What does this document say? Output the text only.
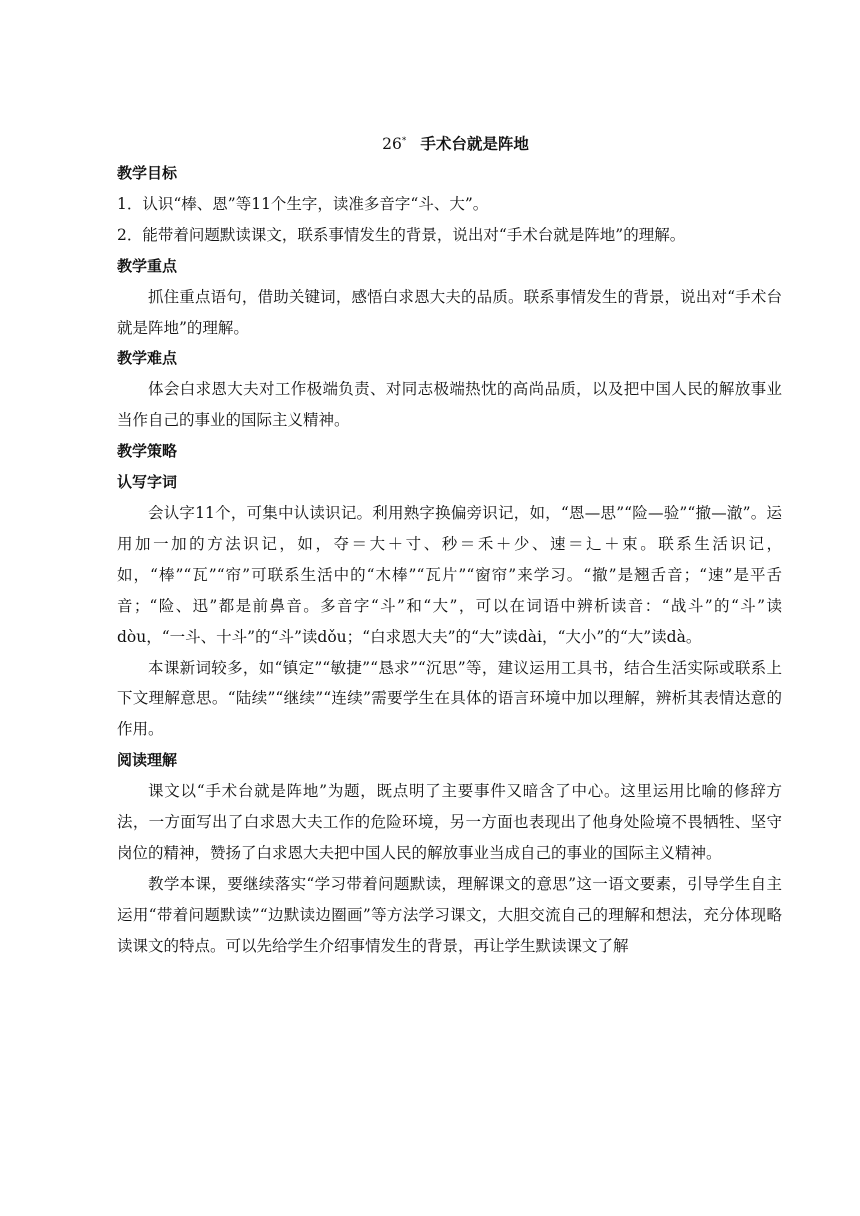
26* 手术台就是阵地
教学目标
1．认识“棒、恩”等11个生字，读准多音字“斗、大”。
2．能带着问题默读课文，联系事情发生的背景，说出对“手术台就是阵地”的理解。
教学重点
抓住重点语句，借助关键词，感悟白求恩大夫的品质。联系事情发生的背景，说出对“手术台就是阵地”的理解。
教学难点
体会白求恩大夫对工作极端负责、对同志极端热忱的高尚品质，以及把中国人民的解放事业当作自己的事业的国际主义精神。
教学策略
认写字词
会认字11个，可集中认读识记。利用熟字换偏旁识记，如，“恩—思”“险—验”“撤—澈”。运用加一加的方法识记，如，夺＝大＋寸、秒＝禾＋少、速＝辶＋束。联系生活识记，如，“棒”“瓦”“帘”可联系生活中的“木棒”“瓦片”“窗帘”来学习。“撤”是翘舌音；“速”是平舌音；“险、迅”都是前鼻音。多音字“斗”和“大”，可以在词语中辨析读音：“战斗”的“斗”读dòu，“一斗、十斗”的“斗”读dǒu；“白求恩大夫”的“大”读dài，“大小”的“大”读dà。
本课新词较多，如“镇定”“敏捷”“恳求”“沉思”等，建议运用工具书，结合生活实际或联系上下文理解意思。“陆续”“继续”“连续”需要学生在具体的语言环境中加以理解，辨析其表情达意的作用。
阅读理解
课文以“手术台就是阵地”为题，既点明了主要事件又暗含了中心。这里运用比喻的修辞方法，一方面写出了白求恩大夫工作的危险环境，另一方面也表现出了他身处险境不畏牺牲、坚守岗位的精神，赞扬了白求恩大夫把中国人民的解放事业当成自己的事业的国际主义精神。
教学本课，要继续落实“学习带着问题默读，理解课文的意思”这一语文要素，引导学生自主运用“带着问题默读”“边默读边圈画”等方法学习课文，大胆交流自己的理解和想法，充分体现略读课文的特点。可以先给学生介绍事情发生的背景，再让学生默读课文了解
